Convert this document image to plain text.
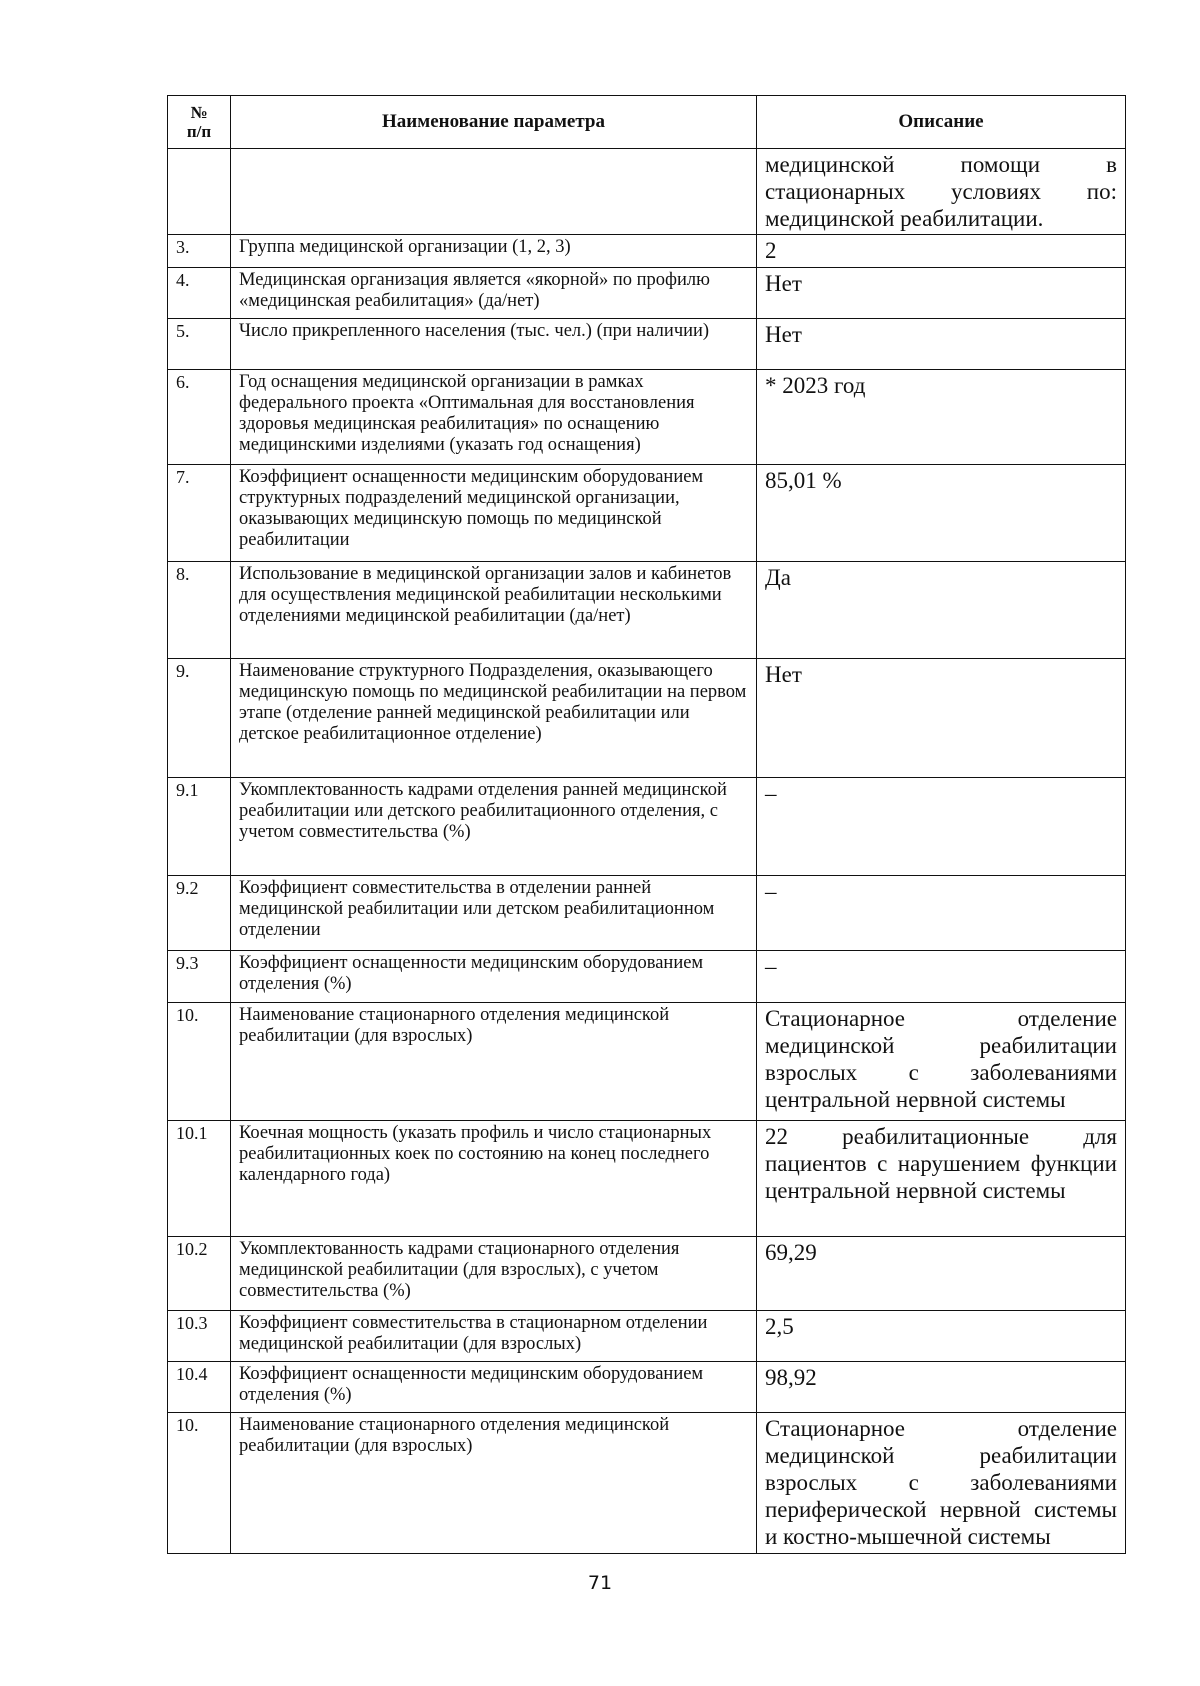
№
п/п	Наименование параметра	Описание
		медицинской помощи в стационарных условиях по: медицинской реабилитации.
3.	Группа медицинской организации (1, 2, 3)	2
4.	Медицинская организация является «якорной» по профилю «медицинская реабилитация» (да/нет)	Нет
5.	Число прикрепленного населения (тыс. чел.) (при наличии)	Нет
6.	Год оснащения медицинской организации в рамках федерального проекта «Оптимальная для восстановления здоровья медицинская реабилитация» по оснащению медицинскими изделиями (указать год оснащения)	* 2023 год
7.	Коэффициент оснащенности медицинским оборудованием структурных подразделений медицинской организации, оказывающих медицинскую помощь по медицинской реабилитации	85,01 %
8.	Использование в медицинской организации залов и кабинетов для осуществления медицинской реабилитации несколькими отделениями медицинской реабилитации (да/нет)	Да
9.	Наименование структурного Подразделения, оказывающего медицинскую помощь по медицинской реабилитации на первом этапе (отделение ранней медицинской реабилитации или детское реабилитационное отделение)	Нет
9.1	Укомплектованность кадрами отделения ранней медицинской реабилитации или детского реабилитационного отделения, с учетом совместительства (%)	–
9.2	Коэффициент совместительства в отделении ранней медицинской реабилитации или детском реабилитационном отделении	–
9.3	Коэффициент оснащенности медицинским оборудованием отделения (%)	–
10.	Наименование стационарного отделения медицинской реабилитации (для взрослых)	Стационарное отделение медицинской реабилитации взрослых с заболеваниями центральной нервной системы
10.1	Коечная мощность (указать профиль и число стационарных реабилитационных коек по состоянию на конец последнего календарного года)	22 реабилитационные для пациентов с нарушением функции центральной нервной системы
10.2	Укомплектованность кадрами стационарного отделения медицинской реабилитации (для взрослых), с учетом совместительства (%)	69,29
10.3	Коэффициент совместительства в стационарном отделении медицинской реабилитации (для взрослых)	2,5
10.4	Коэффициент оснащенности медицинским оборудованием отделения (%)	98,92
10.	Наименование стационарного отделения медицинской реабилитации (для взрослых)	Стационарное отделение медицинской реабилитации взрослых с заболеваниями периферической нервной системы и костно-мышечной системы
71
